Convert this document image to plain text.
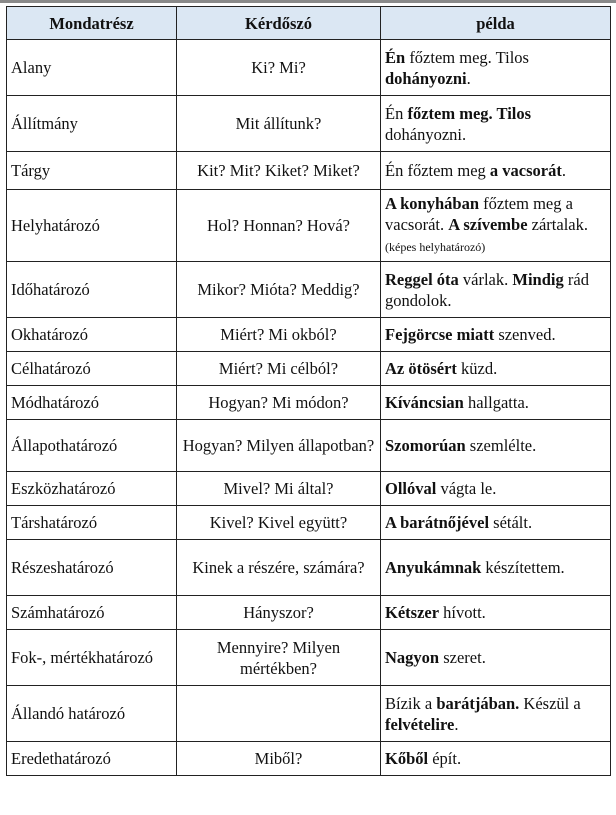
Mondatrész	Kérdőszó	példa
Alany	Ki? Mi?	Én főztem meg. Tilos dohányozni.
Állítmány	Mit állítunk?	Én főztem meg. Tilos dohányozni.
Tárgy	Kit? Mit? Kiket? Miket?	Én főztem meg a vacsorát.
Helyhatározó	Hol? Honnan? Hová?	A konyhában főztem meg a vacsorát. A szívembe zártalak. (képes helyhatározó)
Időhatározó	Mikor? Mióta? Meddig?	Reggel óta várlak. Mindig rád gondolok.
Okhatározó	Miért? Mi okból?	Fejgörcse miatt szenved.
Célhatározó	Miért? Mi célból?	Az ötösért küzd.
Módhatározó	Hogyan? Mi módon?	Kíváncsian hallgatta.
Állapothatározó	Hogyan? Milyen állapotban?	Szomorúan szemlélte.
Eszközhatározó	Mivel? Mi által?	Ollóval vágta le.
Társhatározó	Kivel? Kivel együtt?	A barátnőjével sétált.
Részeshatározó	Kinek a részére, számára?	Anyukámnak készítettem.
Számhatározó	Hányszor?	Kétszer hívott.
Fok-, mértékhatározó	Mennyire? Milyen mértékben?	Nagyon szeret.
Állandó határozó		Bízik a barátjában. Készül a felvételire.
Eredethatározó	Miből?	Kőből épít.
